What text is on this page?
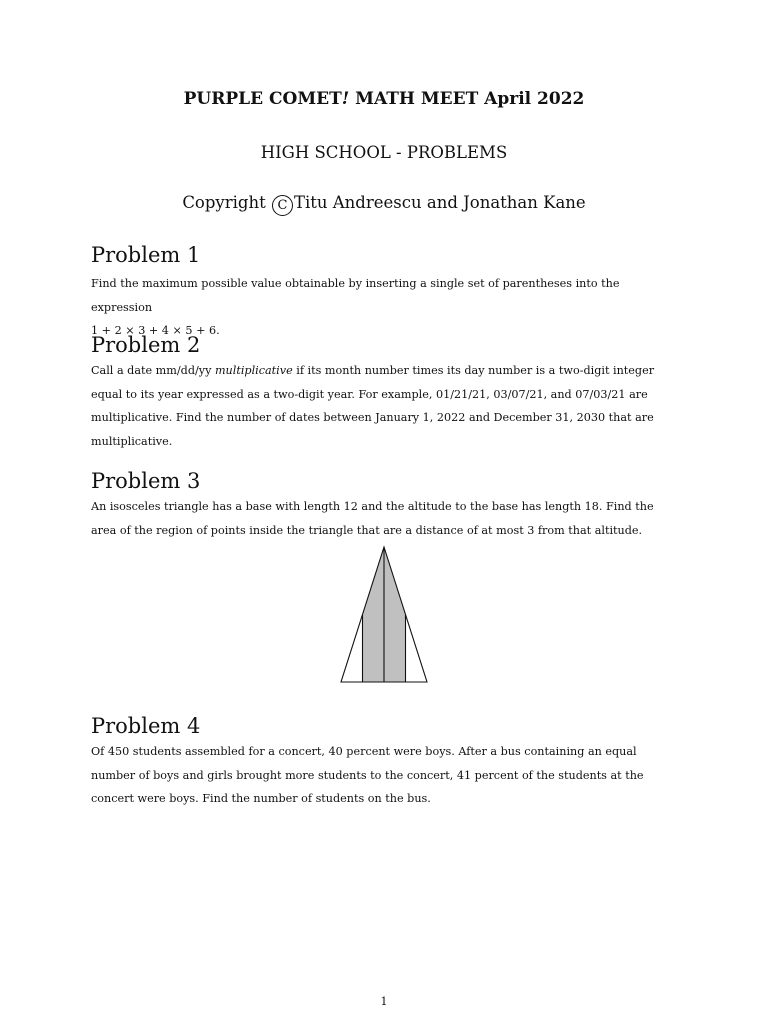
PURPLE COMET! MATH MEET April 2022
HIGH SCHOOL - PROBLEMS
Copyright C Titu Andreescu and Jonathan Kane
Problem 1
Find the maximum possible value obtainable by inserting a single set of parentheses into the expression
1 + 2 × 3 + 4 × 5 + 6.
Problem 2
Call a date mm/dd/yy multiplicative if its month number times its day number is a two-digit integer equal to its year expressed as a two-digit year. For example, 01/21/21, 03/07/21, and 07/03/21 are multiplicative. Find the number of dates between January 1, 2022 and December 31, 2030 that are multiplicative.
Problem 3
An isosceles triangle has a base with length 12 and the altitude to the base has length 18. Find the area of the region of points inside the triangle that are a distance of at most 3 from that altitude.
Problem 4
Of 450 students assembled for a concert, 40 percent were boys. After a bus containing an equal number of boys and girls brought more students to the concert, 41 percent of the students at the concert were boys. Find the number of students on the bus.
1
